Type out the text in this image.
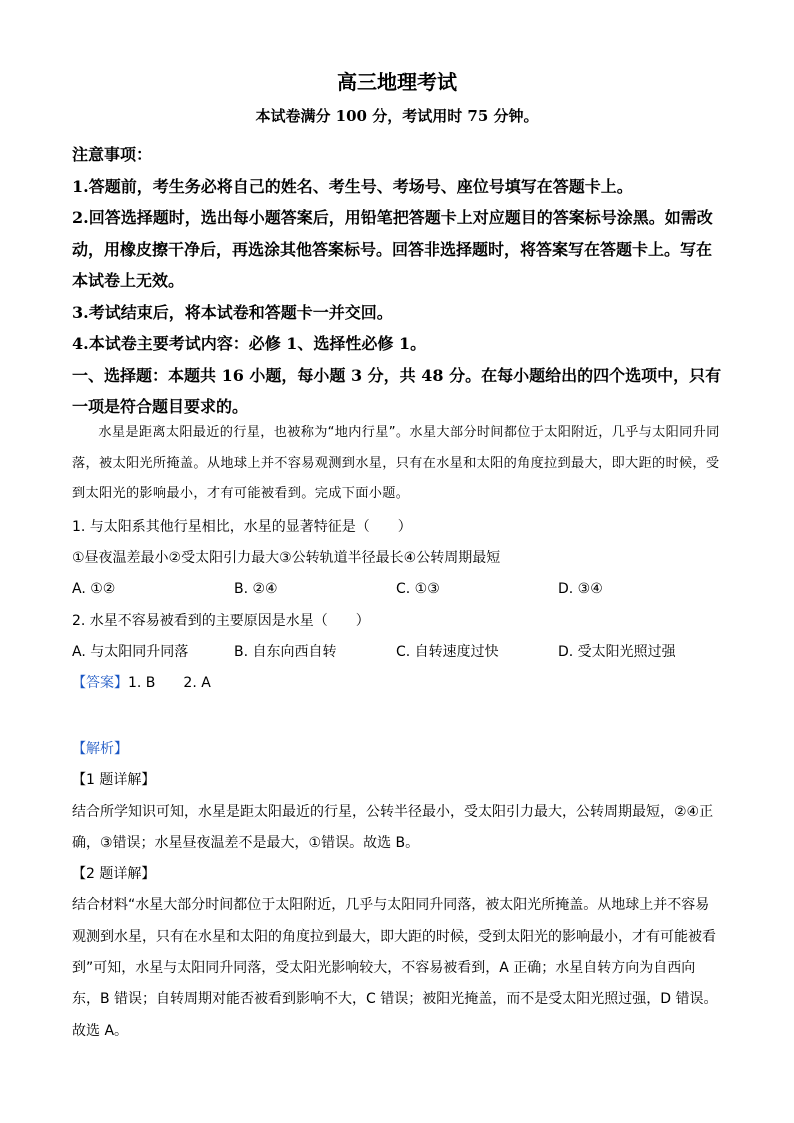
高三地理考试
本试卷满分 100 分，考试用时 75 分钟。

注意事项：

1.答题前，考生务必将自己的姓名、考生号、考场号、座位号填写在答题卡上。

2.回答选择题时，选出每小题答案后，用铅笔把答题卡上对应题目的答案标号涂黑。如需改动，用橡皮擦干净后，再选涂其他答案标号。回答非选择题时，将答案写在答题卡上。写在本试卷上无效。

3.考试结束后，将本试卷和答题卡一并交回。

4.本试卷主要考试内容：必修 1、选择性必修 1。

一、选择题：本题共 16 小题，每小题 3 分，共 48 分。在每小题给出的四个选项中，只有一项是符合题目要求的。

水星是距离太阳最近的行星，也被称为“地内行星”。水星大部分时间都位于太阳附近，几乎与太阳同升同落，被太阳光所掩盖。从地球上并不容易观测到水星，只有在水星和太阳的角度拉到最大，即大距的时候，受到太阳光的影响最小，才有可能被看到。完成下面小题。

1. 与太阳系其他行星相比，水星的显著特征是（　　）

①昼夜温差最小②受太阳引力最大③公转轨道半径最长④公转周期最短

A. ①②	B. ②④	C. ①③	D. ③④

2. 水星不容易被看到的主要原因是水星（　　）

A. 与太阳同升同落	B. 自东向西自转	C. 自转速度过快	D. 受太阳光照过强

【答案】1. B　　2. A

【解析】

【1 题详解】

结合所学知识可知，水星是距太阳最近的行星，公转半径最小，受太阳引力最大，公转周期最短，②④正确，③错误；水星昼夜温差不是最大，①错误。故选 B。

【2 题详解】

结合材料“水星大部分时间都位于太阳附近，几乎与太阳同升同落，被太阳光所掩盖。从地球上并不容易观测到水星，只有在水星和太阳的角度拉到最大，即大距的时候，受到太阳光的影响最小，才有可能被看到”可知，水星与太阳同升同落，受太阳光影响较大，不容易被看到，A 正确；水星自转方向为自西向东，B 错误；自转周期对能否被看到影响不大，C 错误；被阳光掩盖，而不是受太阳光照过强，D 错误。故选 A。
